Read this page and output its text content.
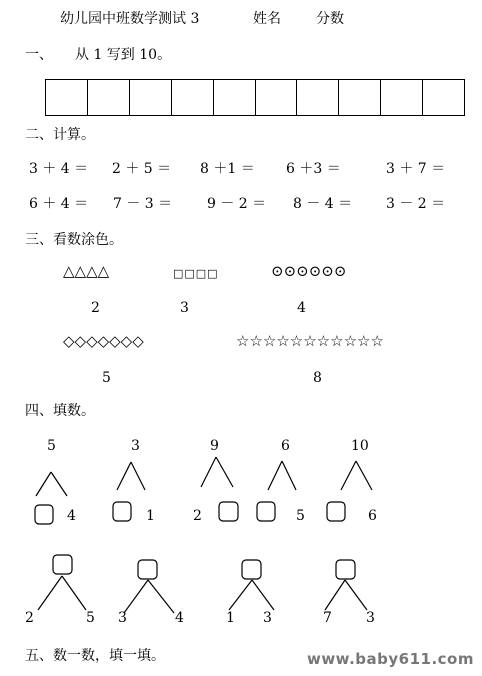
幼儿园中班数学测试 3	姓名	分数
一、 从 1 写到 10。
二、计算。
3 ＋ 4 ＝ 2 ＋ 5 ＝ 8 ＋1 ＝ 6 ＋3 ＝	3 ＋ 7 ＝
6 ＋ 4 ＝ 7 － 3 ＝ 9 － 2 ＝ 8 － 4 ＝ 3 － 2 ＝
三、看数涂色。
△△△△	□□□□	⊙⊙⊙⊙⊙⊙
2	3	4
◇◇◇◇◇◇◇	☆☆☆☆☆☆☆☆☆☆☆
5	8
四、填数。
5	3	9	6	10
4	1	2	5	6
2	5 3	4	1 3	7 3
五、数一数，填一填。	www.baby611.com
